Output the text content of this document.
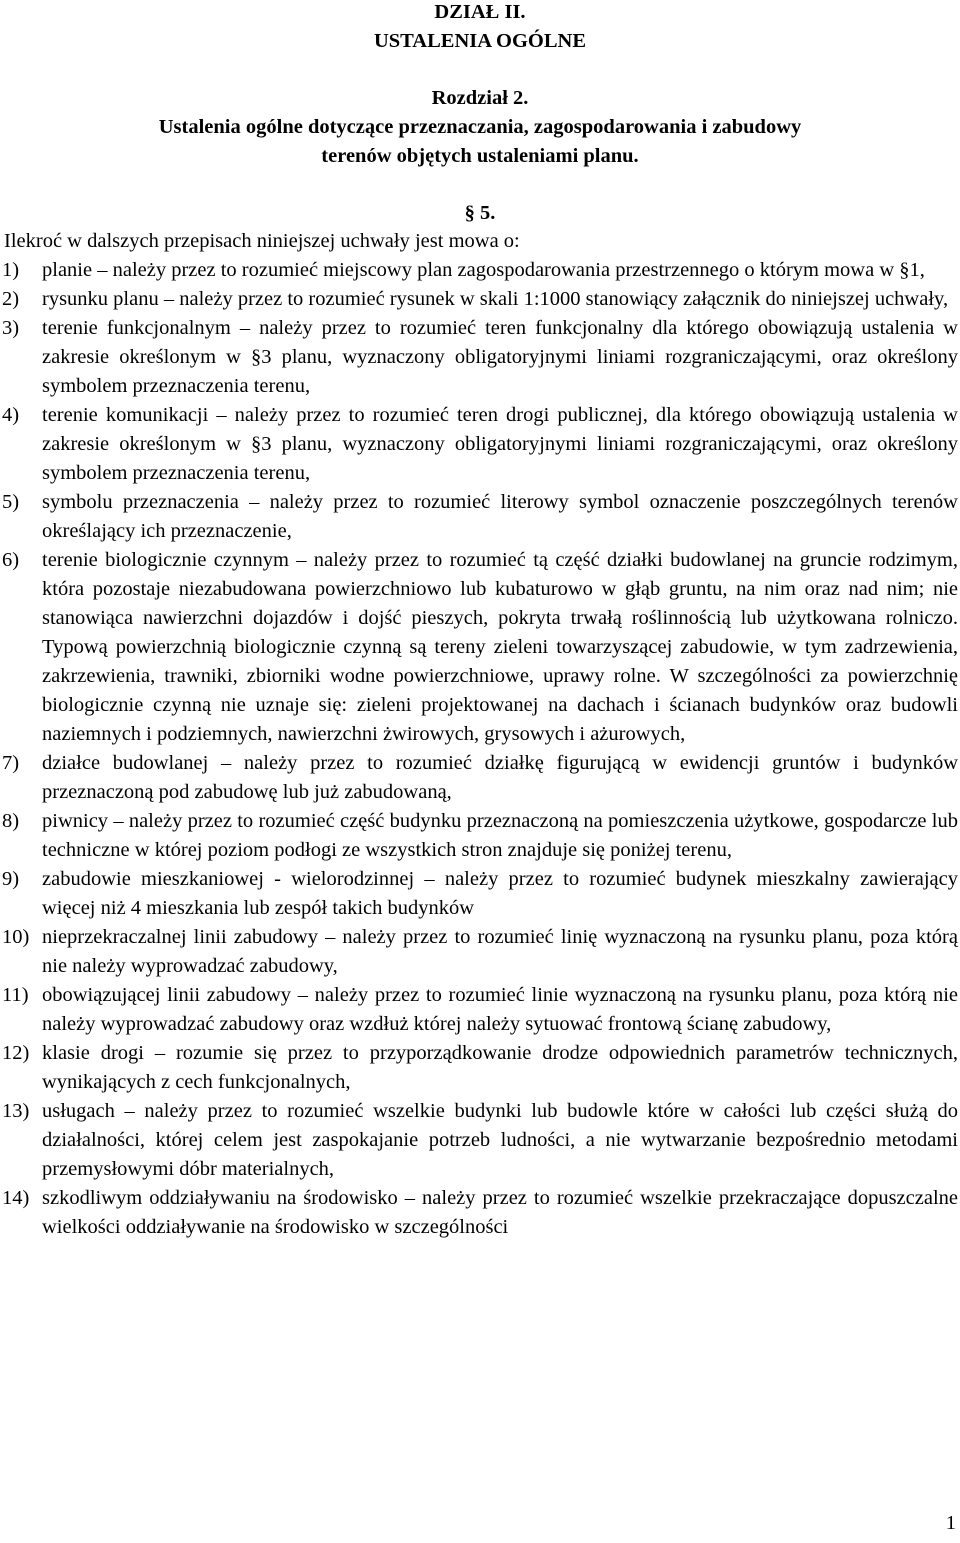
DZIAŁ II.
USTALENIA OGÓLNE
Rozdział 2.
Ustalenia ogólne dotyczące przeznaczania, zagospodarowania i zabudowy
terenów objętych ustaleniami planu.
§ 5.
Ilekroć w dalszych przepisach niniejszej uchwały jest mowa o:
1) planie – należy przez to rozumieć miejscowy plan zagospodarowania przestrzennego o którym mowa w §1,
2) rysunku planu – należy przez to rozumieć rysunek w skali 1:1000 stanowiący załącznik do niniejszej uchwały,
3) terenie funkcjonalnym – należy przez to rozumieć teren funkcjonalny dla którego obowiązują ustalenia w zakresie określonym w §3 planu, wyznaczony obligatoryjnymi liniami rozgraniczającymi, oraz określony symbolem przeznaczenia terenu,
4) terenie komunikacji – należy przez to rozumieć teren drogi publicznej, dla którego obowiązują ustalenia w zakresie określonym w §3 planu, wyznaczony obligatoryjnymi liniami rozgraniczającymi, oraz określony symbolem przeznaczenia terenu,
5) symbolu przeznaczenia – należy przez to rozumieć literowy symbol oznaczenie poszczególnych terenów określający ich przeznaczenie,
6) terenie biologicznie czynnym – należy przez to rozumieć tą część działki budowlanej na gruncie rodzimym, która pozostaje niezabudowana powierzchniowo lub kubaturowo w głąb gruntu, na nim oraz nad nim; nie stanowiąca nawierzchni dojazdów i dojść pieszych, pokryta trwałą roślinnością lub użytkowana rolniczo. Typową powierzchnią biologicznie czynną są tereny zieleni towarzyszącej zabudowie, w tym zadrzewienia, zakrzewienia, trawniki, zbiorniki wodne powierzchniowe, uprawy rolne. W szczególności za powierzchnię biologicznie czynną nie uznaje się: zieleni projektowanej na dachach i ścianach budynków oraz budowli naziemnych i podziemnych, nawierzchni żwirowych, grysowych i ażurowych,
7) działce budowlanej – należy przez to rozumieć działkę figurującą w ewidencji gruntów i budynków przeznaczoną pod zabudowę lub już zabudowaną,
8) piwnicy – należy przez to rozumieć część budynku przeznaczoną na pomieszczenia użytkowe, gospodarcze lub techniczne w której poziom podłogi ze wszystkich stron znajduje się poniżej terenu,
9) zabudowie mieszkaniowej - wielorodzinnej – należy przez to rozumieć budynek mieszkalny zawierający więcej niż 4 mieszkania lub zespół takich budynków
10) nieprzekraczalnej linii zabudowy – należy przez to rozumieć linię wyznaczoną na rysunku planu, poza którą nie należy wyprowadzać zabudowy,
11) obowiązującej linii zabudowy – należy przez to rozumieć linie wyznaczoną na rysunku planu, poza którą nie należy wyprowadzać zabudowy oraz wzdłuż której należy sytuować frontową ścianę zabudowy,
12) klasie drogi – rozumie się przez to przyporządkowanie drodze odpowiednich parametrów technicznych, wynikających z cech funkcjonalnych,
13) usługach – należy przez to rozumieć wszelkie budynki lub budowle które w całości lub części służą do działalności, której celem jest zaspokajanie potrzeb ludności, a nie wytwarzanie bezpośrednio metodami przemysłowymi dóbr materialnych,
14) szkodliwym oddziaływaniu na środowisko – należy przez to rozumieć wszelkie przekraczające dopuszczalne wielkości oddziaływanie na środowisko w szczególności
1
